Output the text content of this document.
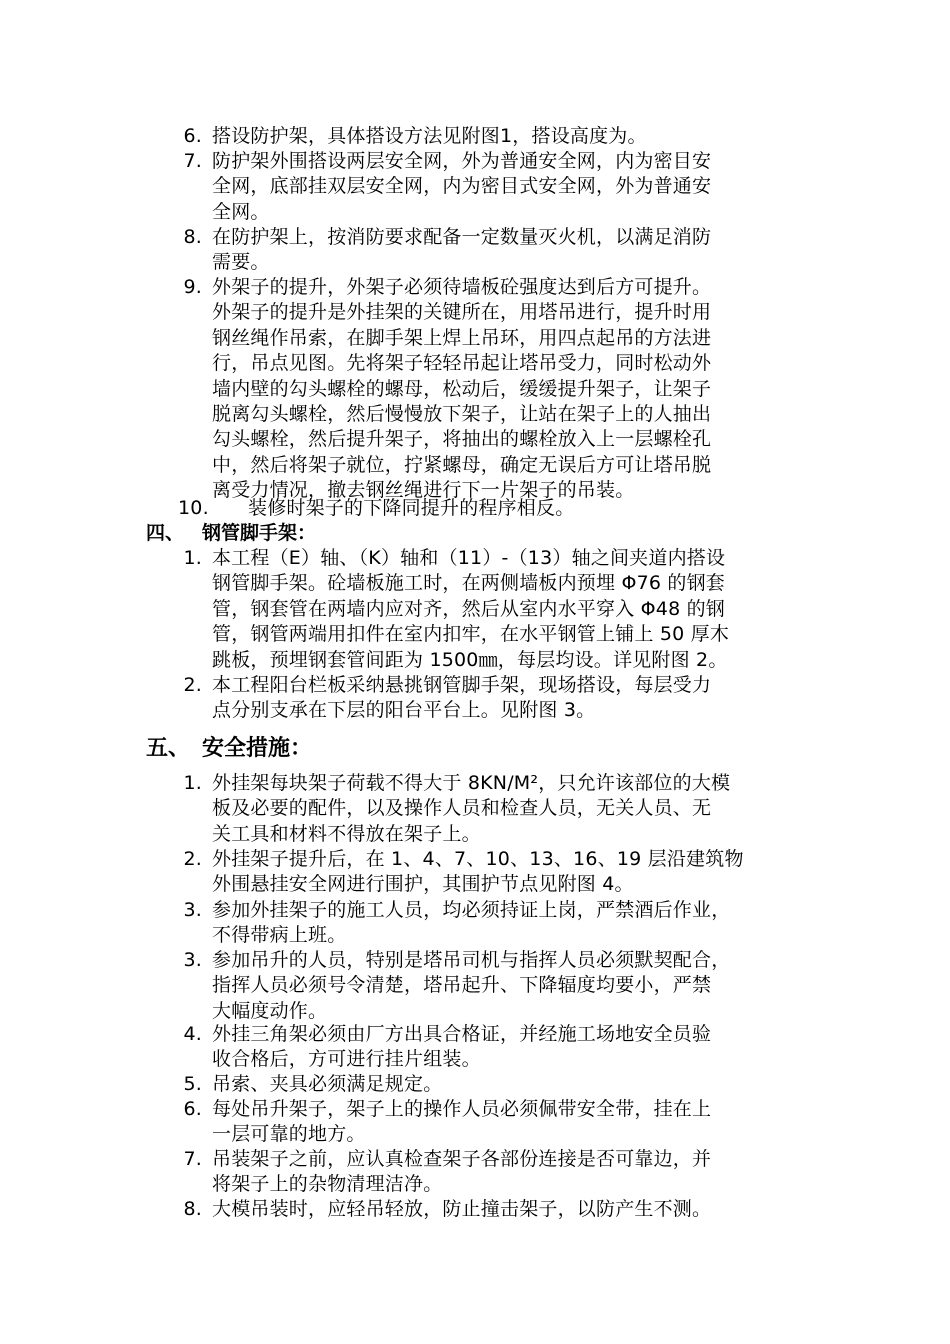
6. 搭设防护架，具体搭设方法见附图1，搭设高度为。
7. 防护架外围搭设两层安全网，外为普通安全网，内为密目安
全网，底部挂双层安全网，内为密目式安全网，外为普通安
全网。
8. 在防护架上，按消防要求配备一定数量灭火机，以满足消防
需要。
9. 外架子的提升，外架子必须待墙板砼强度达到后方可提升。
外架子的提升是外挂架的关键所在，用塔吊进行，提升时用
钢丝绳作吊索，在脚手架上焊上吊环，用四点起吊的方法进
行，吊点见图。先将架子轻轻吊起让塔吊受力，同时松动外
墙内壁的勾头螺栓的螺母，松动后，缓缓提升架子，让架子
脱离勾头螺栓，然后慢慢放下架子，让站在架子上的人抽出
勾头螺栓，然后提升架子，将抽出的螺栓放入上一层螺栓孔
中，然后将架子就位，拧紧螺母，确定无误后方可让塔吊脱
离受力情况，撤去钢丝绳进行下一片架子的吊装。
10. 装修时架子的下降同提升的程序相反。
四、 钢管脚手架：
1. 本工程（E）轴、（K）轴和（11）-（13）轴之间夹道内搭设
钢管脚手架。砼墙板施工时，在两侧墙板内预埋 Φ76 的钢套
管，钢套管在两墙内应对齐，然后从室内水平穿入 Φ48 的钢
管，钢管两端用扣件在室内扣牢，在水平钢管上铺上 50 厚木
跳板，预埋钢套管间距为 1500㎜，每层均设。详见附图 2。
2. 本工程阳台栏板采纳悬挑钢管脚手架，现场搭设，每层受力
点分别支承在下层的阳台平台上。见附图 3。
五、 安全措施：
1. 外挂架每块架子荷载不得大于 8KN/M²，只允许该部位的大模
板及必要的配件，以及操作人员和检查人员，无关人员、无
关工具和材料不得放在架子上。
2. 外挂架子提升后，在 1、4、7、10、13、16、19 层沿建筑物
外围悬挂安全网进行围护，其围护节点见附图 4。
3. 参加外挂架子的施工人员，均必须持证上岗，严禁酒后作业，
不得带病上班。
3. 参加吊升的人员，特别是塔吊司机与指挥人员必须默契配合，
指挥人员必须号令清楚，塔吊起升、下降辐度均要小，严禁
大幅度动作。
4. 外挂三角架必须由厂方出具合格证，并经施工场地安全员验
收合格后，方可进行挂片组装。
5. 吊索、夹具必须满足规定。
6. 每处吊升架子，架子上的操作人员必须佩带安全带，挂在上
一层可靠的地方。
7. 吊装架子之前，应认真检查架子各部份连接是否可靠边，并
将架子上的杂物清理洁净。
8. 大模吊装时，应轻吊轻放，防止撞击架子，以防产生不测。
